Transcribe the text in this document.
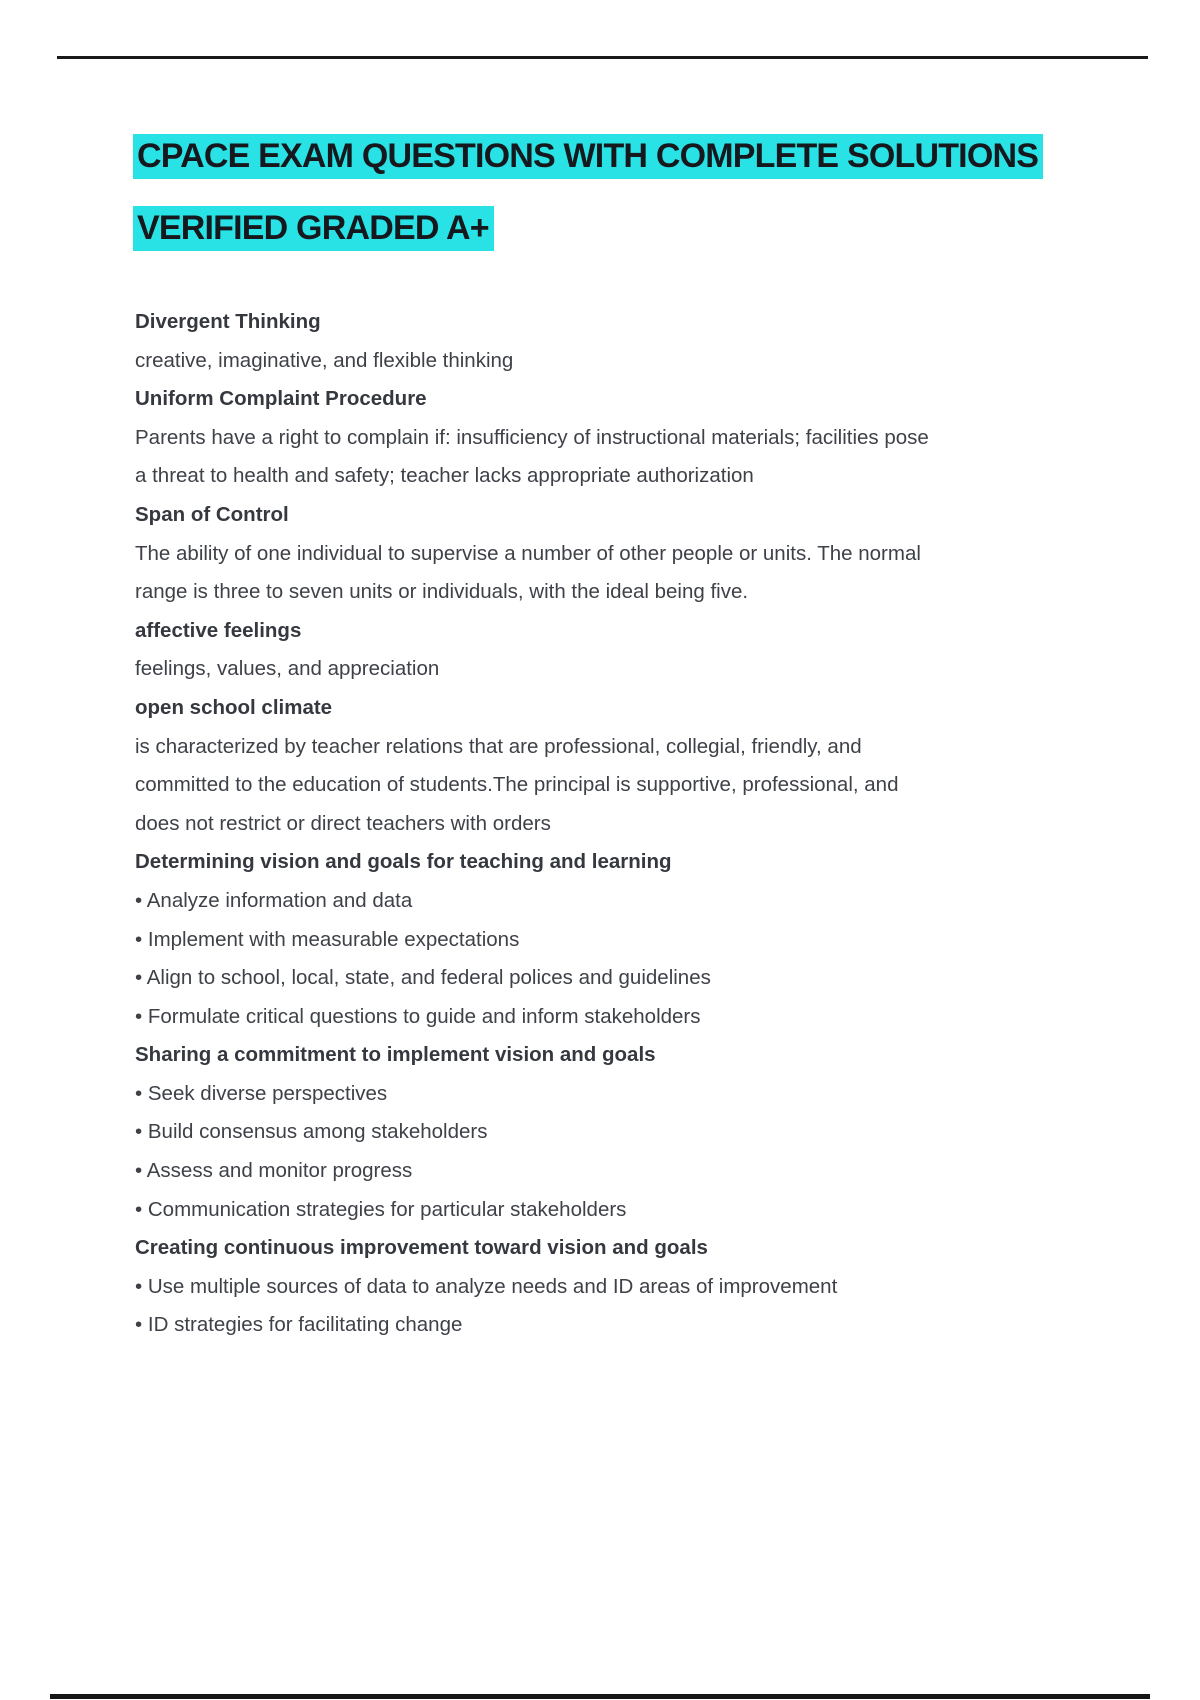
CPACE EXAM QUESTIONS WITH COMPLETE SOLUTIONS
VERIFIED GRADED A+
Divergent Thinking
creative, imaginative, and flexible thinking
Uniform Complaint Procedure
Parents have a right to complain if: insufficiency of instructional materials; facilities pose
a threat to health and safety; teacher lacks appropriate authorization
Span of Control
The ability of one individual to supervise a number of other people or units. The normal
range is three to seven units or individuals, with the ideal being five.
affective feelings
feelings, values, and appreciation
open school climate
is characterized by teacher relations that are professional, collegial, friendly, and
committed to the education of students.The principal is supportive, professional, and
does not restrict or direct teachers with orders
Determining vision and goals for teaching and learning
• Analyze information and data
• Implement with measurable expectations
• Align to school, local, state, and federal polices and guidelines
• Formulate critical questions to guide and inform stakeholders
Sharing a commitment to implement vision and goals
• Seek diverse perspectives
• Build consensus among stakeholders
• Assess and monitor progress
• Communication strategies for particular stakeholders
Creating continuous improvement toward vision and goals
• Use multiple sources of data to analyze needs and ID areas of improvement
• ID strategies for facilitating change
